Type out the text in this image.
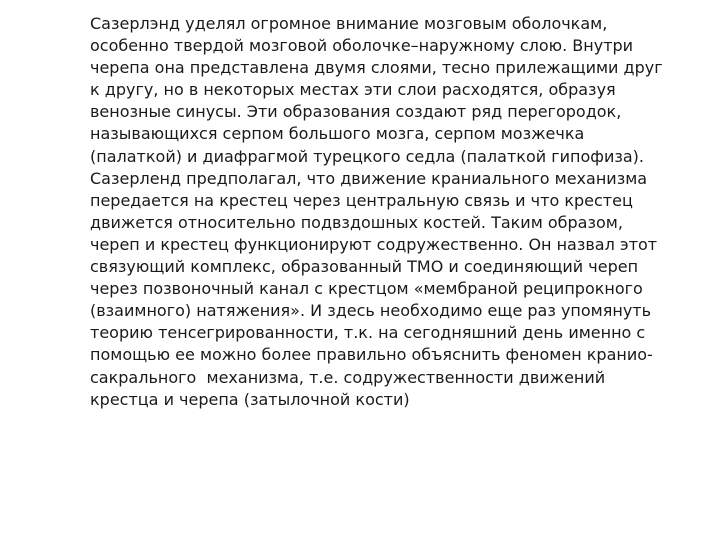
Сазерлэнд уделял огромное внимание мозговым оболочкам,
особенно твердой мозговой оболочке–наружному слою. Внутри
черепа она представлена двумя слоями, тесно прилежащими друг
к другу, но в некоторых местах эти слои расходятся, образуя
венозные синусы. Эти образования создают ряд перегородок,
называющихся серпом большого мозга, серпом мозжечка
(палаткой) и диафрагмой турецкого седла (палаткой гипофиза).
Сазерленд предполагал, что движение краниального механизма
передается на крестец через центральную связь и что крестец
движется относительно подвздошных костей. Таким образом,
череп и крестец функционируют содружественно. Он назвал этот
связующий комплекс, образованный ТМО и соединяющий череп
через позвоночный канал с крестцом «мембраной реципрокного
(взаимного) натяжения». И здесь необходимо еще раз упомянуть
теорию тенсегрированности, т.к. на сегодняшний день именно с
помощью ее можно более правильно объяснить феномен кранио-
сакрального  механизма, т.е. содружественности движений
крестца и черепа (затылочной кости)
